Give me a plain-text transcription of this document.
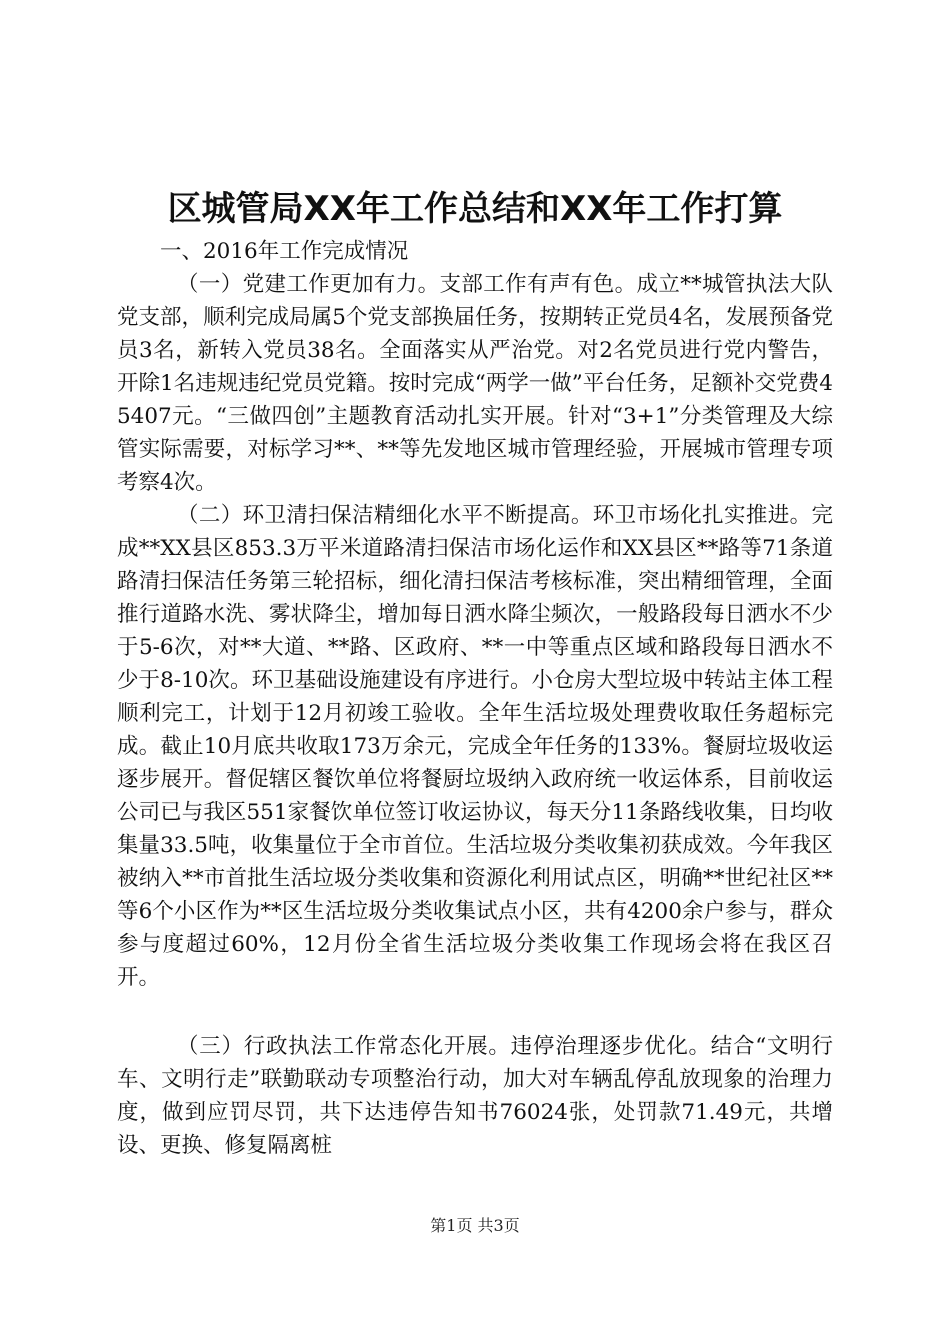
区城管局XX年工作总结和XX年工作打算

一、2016年工作完成情况

（一）党建工作更加有力。支部工作有声有色。成立**城管执法大队党支部，顺利完成局属5个党支部换届任务，按期转正党员4名，发展预备党员3名，新转入党员38名。全面落实从严治党。对2名党员进行党内警告，开除1名违规违纪党员党籍。按时完成“两学一做”平台任务，足额补交党费45407元。“三做四创”主题教育活动扎实开展。针对“3+1”分类管理及大综管实际需要，对标学习**、**等先发地区城市管理经验，开展城市管理专项考察4次。

（二）环卫清扫保洁精细化水平不断提高。环卫市场化扎实推进。完成**XX县区853.3万平米道路清扫保洁市场化运作和XX县区**路等71条道路清扫保洁任务第三轮招标，细化清扫保洁考核标准，突出精细管理，全面推行道路水洗、雾状降尘，增加每日洒水降尘频次，一般路段每日洒水不少于5-6次，对**大道、**路、区政府、**一中等重点区域和路段每日洒水不少于8-10次。环卫基础设施建设有序进行。小仓房大型垃圾中转站主体工程顺利完工，计划于12月初竣工验收。全年生活垃圾处理费收取任务超标完成。截止10月底共收取173万余元，完成全年任务的133%。餐厨垃圾收运逐步展开。督促辖区餐饮单位将餐厨垃圾纳入政府统一收运体系，目前收运公司已与我区551家餐饮单位签订收运协议，每天分11条路线收集，日均收集量33.5吨，收集量位于全市首位。生活垃圾分类收集初获成效。今年我区被纳入**市首批生活垃圾分类收集和资源化利用试点区，明确**世纪社区**等6个小区作为**区生活垃圾分类收集试点小区，共有4200余户参与，群众参与度超过60%，12月份全省生活垃圾分类收集工作现场会将在我区召开。

（三）行政执法工作常态化开展。违停治理逐步优化。结合“文明行车、文明行走”联勤联动专项整治行动，加大对车辆乱停乱放现象的治理力度，做到应罚尽罚，共下达违停告知书76024张，处罚款71.49元，共增设、更换、修复隔离桩

第1页 共3页
